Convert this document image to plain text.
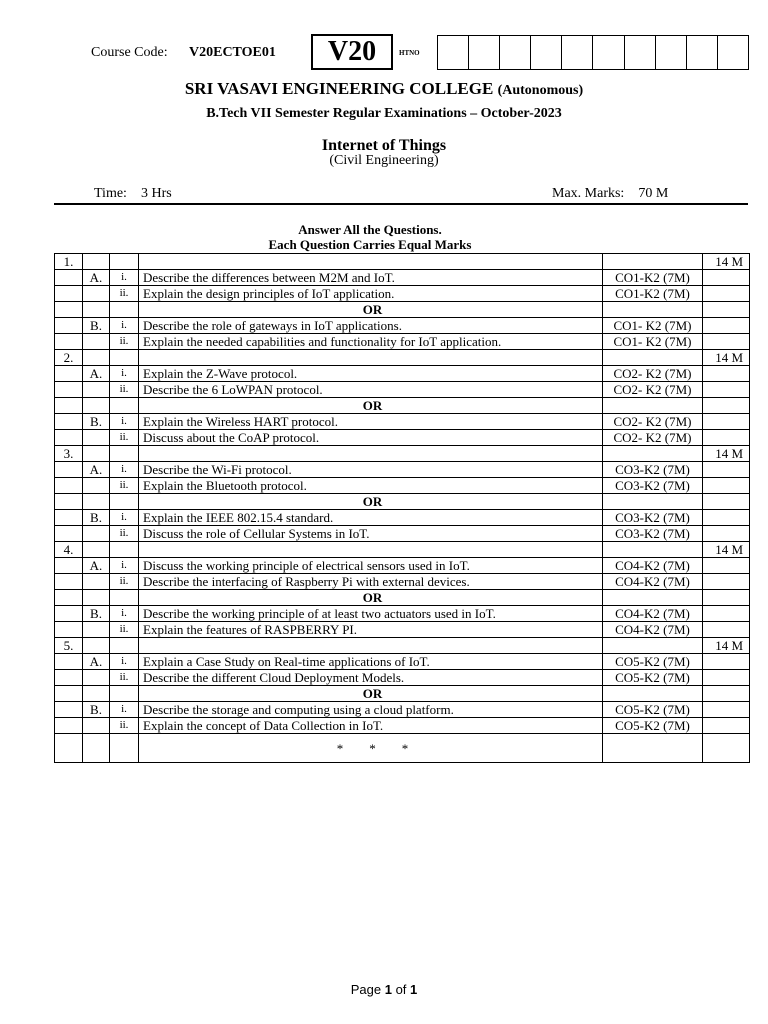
Course Code: V20ECTOE01	V20	HTNO
SRI VASAVI ENGINEERING COLLEGE (Autonomous)
B.Tech VII Semester Regular Examinations – October-2023
Internet of Things
(Civil Engineering)
Time: 3 Hrs	Max. Marks: 70 M
Answer All the Questions.
Each Question Carries Equal Marks
1.					14 M
	A.	i.	Describe the differences between M2M and IoT.	CO1-K2 (7M)	
		ii.	Explain the design principles of IoT application.	CO1-K2 (7M)	
			OR		
	B.	i.	Describe the role of gateways in IoT applications.	CO1- K2 (7M)	
		ii.	Explain the needed capabilities and functionality for IoT application.	CO1- K2 (7M)	
2.					14 M
	A.	i.	Explain the Z-Wave protocol.	CO2- K2 (7M)	
		ii.	Describe the 6 LoWPAN protocol.	CO2- K2 (7M)	
			OR		
	B.	i.	Explain the Wireless HART protocol.	CO2- K2 (7M)	
		ii.	Discuss about the CoAP protocol.	CO2- K2 (7M)	
3.					14 M
	A.	i.	Describe the Wi-Fi protocol.	CO3-K2 (7M)	
		ii.	Explain the Bluetooth protocol.	CO3-K2 (7M)	
			OR		
	B.	i.	Explain the IEEE 802.15.4 standard.	CO3-K2 (7M)	
		ii.	Discuss the role of Cellular Systems in IoT.	CO3-K2 (7M)	
4.					14 M
	A.	i.	Discuss the working principle of electrical sensors used in IoT.	CO4-K2 (7M)	
		ii.	Describe the interfacing of Raspberry Pi with external devices.	CO4-K2 (7M)	
			OR		
	B.	i.	Describe the working principle of at least two actuators used in IoT.	CO4-K2 (7M)	
		ii.	Explain the features of RASPBERRY PI.	CO4-K2 (7M)	
5.					14 M
	A.	i.	Explain a Case Study on Real-time applications of IoT.	CO5-K2 (7M)	
		ii.	Describe the different Cloud Deployment Models.	CO5-K2 (7M)	
			OR		
	B.	i.	Describe the storage and computing using a cloud platform.	CO5-K2 (7M)	
		ii.	Explain the concept of Data Collection in IoT.	CO5-K2 (7M)	
			*        *        *		
Page 1 of 1
